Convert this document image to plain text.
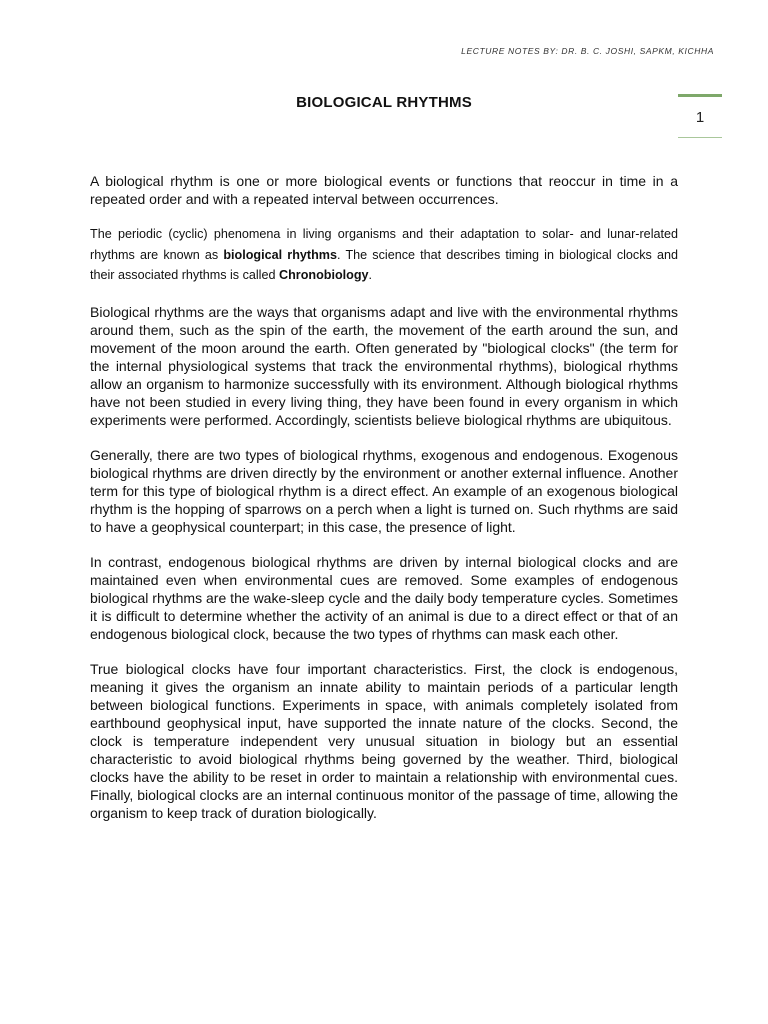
LECTURE NOTES BY: DR. B. C. JOSHI, SAPKM, KICHHA
1
BIOLOGICAL RHYTHMS

A biological rhythm is one or more biological events or functions that reoccur in time in a repeated order and with a repeated interval between occurrences.

The periodic (cyclic) phenomena in living organisms and their adaptation to solar- and lunar-related rhythms are known as biological rhythms. The science that describes timing in biological clocks and their associated rhythms is called Chronobiology.

Biological rhythms are the ways that organisms adapt and live with the environmental rhythms around them, such as the spin of the earth, the movement of the earth around the sun, and movement of the moon around the earth. Often generated by "biological clocks" (the term for the internal physiological systems that track the environmental rhythms), biological rhythms allow an organism to harmonize successfully with its environment. Although biological rhythms have not been studied in every living thing, they have been found in every organism in which experiments were performed. Accordingly, scientists believe biological rhythms are ubiquitous.

Generally, there are two types of biological rhythms, exogenous and endogenous. Exogenous biological rhythms are driven directly by the environment or another external influence. Another term for this type of biological rhythm is a direct effect. An example of an exogenous biological rhythm is the hopping of sparrows on a perch when a light is turned on. Such rhythms are said to have a geophysical counterpart; in this case, the presence of light.

In contrast, endogenous biological rhythms are driven by internal biological clocks and are maintained even when environmental cues are removed. Some examples of endogenous biological rhythms are the wake-sleep cycle and the daily body temperature cycles. Sometimes it is difficult to determine whether the activity of an animal is due to a direct effect or that of an endogenous biological clock, because the two types of rhythms can mask each other.

True biological clocks have four important characteristics. First, the clock is endogenous, meaning it gives the organism an innate ability to maintain periods of a particular length between biological functions. Experiments in space, with animals completely isolated from earthbound geophysical input, have supported the innate nature of the clocks. Second, the clock is temperature independent very unusual situation in biology but an essential characteristic to avoid biological rhythms being governed by the weather. Third, biological clocks have the ability to be reset in order to maintain a relationship with environmental cues. Finally, biological clocks are an internal continuous monitor of the passage of time, allowing the organism to keep track of duration biologically.
